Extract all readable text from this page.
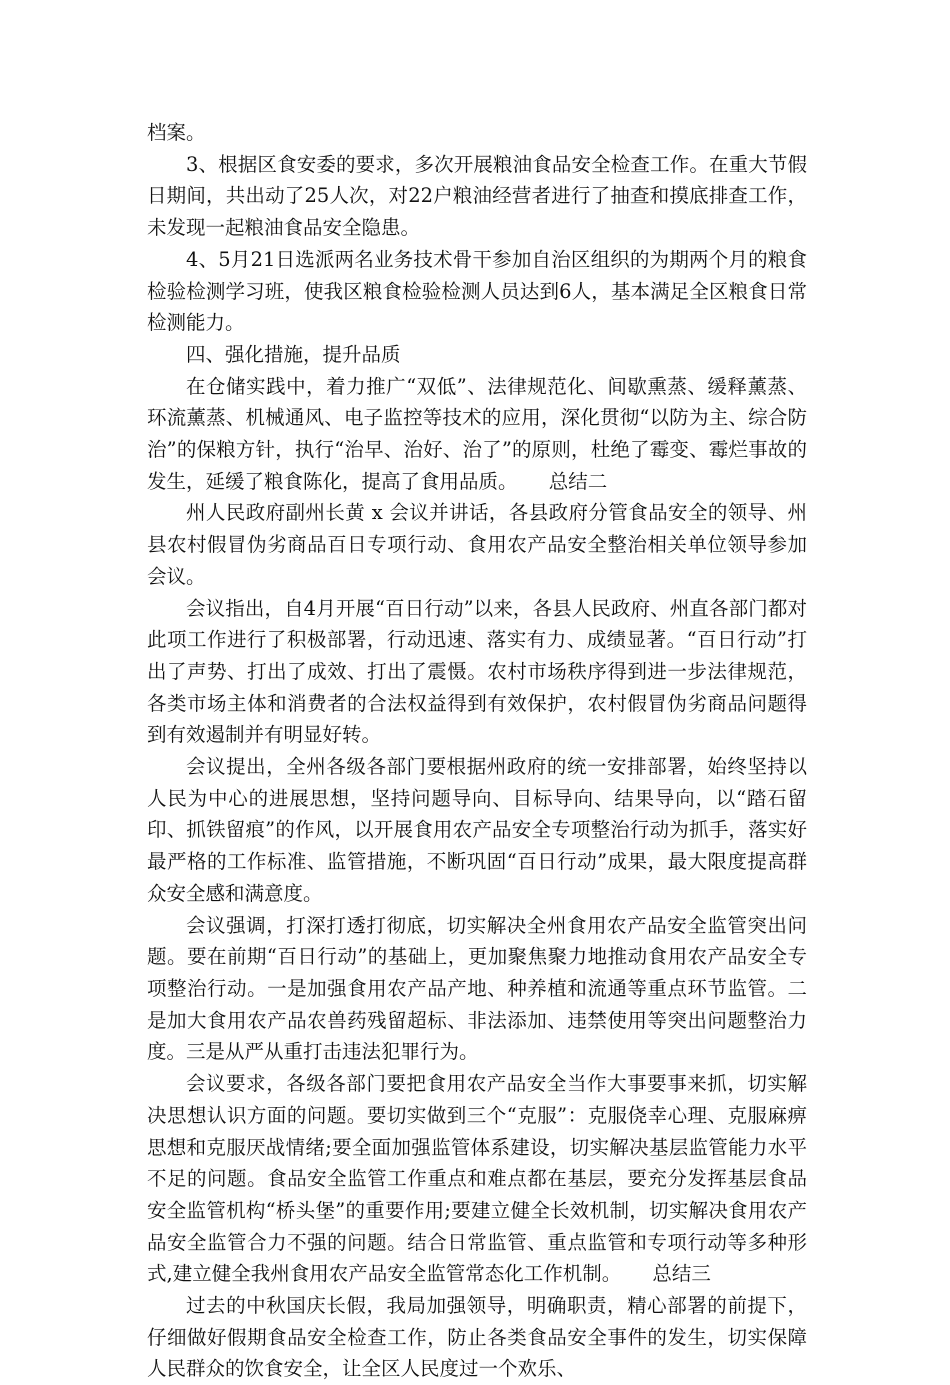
档案。

3、根据区食安委的要求，多次开展粮油食品安全检查工作。在重大节假日期间，共出动了25人次，对22户粮油经营者进行了抽查和摸底排查工作，未发现一起粮油食品安全隐患。

4、5月21日选派两名业务技术骨干参加自治区组织的为期两个月的粮食检验检测学习班，使我区粮食检验检测人员达到6人，基本满足全区粮食日常检测能力。

四、强化措施，提升品质

在仓储实践中，着力推广“双低”、法律规范化、间歇熏蒸、缓释薰蒸、环流薰蒸、机械通风、电子监控等技术的应用，深化贯彻“以防为主、综合防治”的保粮方针，执行“治早、治好、治了”的原则，杜绝了霉变、霉烂事故的发生，延缓了粮食陈化，提高了食用品质。 总结二

州人民政府副州长黄 x 会议并讲话，各县政府分管食品安全的领导、州县农村假冒伪劣商品百日专项行动、食用农产品安全整治相关单位领导参加会议。

会议指出，自4月开展“百日行动”以来，各县人民政府、州直各部门都对此项工作进行了积极部署，行动迅速、落实有力、成绩显著。“百日行动”打出了声势、打出了成效、打出了震慑。农村市场秩序得到进一步法律规范，各类市场主体和消费者的合法权益得到有效保护，农村假冒伪劣商品问题得到有效遏制并有明显好转。

会议提出，全州各级各部门要根据州政府的统一安排部署，始终坚持以人民为中心的进展思想，坚持问题导向、目标导向、结果导向，以“踏石留印、抓铁留痕”的作风，以开展食用农产品安全专项整治行动为抓手，落实好最严格的工作标准、监管措施，不断巩固“百日行动”成果，最大限度提高群众安全感和满意度。

会议强调，打深打透打彻底，切实解决全州食用农产品安全监管突出问题。要在前期“百日行动”的基础上，更加聚焦聚力地推动食用农产品安全专项整治行动。一是加强食用农产品产地、种养植和流通等重点环节监管。二是加大食用农产品农兽药残留超标、非法添加、违禁使用等突出问题整治力度。三是从严从重打击违法犯罪行为。

会议要求，各级各部门要把食用农产品安全当作大事要事来抓，切实解决思想认识方面的问题。要切实做到三个“克服”：克服侥幸心理、克服麻痹思想和克服厌战情绪;要全面加强监管体系建设，切实解决基层监管能力水平不足的问题。食品安全监管工作重点和难点都在基层，要充分发挥基层食品安全监管机构“桥头堡”的重要作用;要建立健全长效机制，切实解决食用农产品安全监管合力不强的问题。结合日常监管、重点监管和专项行动等多种形式,建立健全我州食用农产品安全监管常态化工作机制。 总结三

过去的中秋国庆长假，我局加强领导，明确职责，精心部署的前提下，仔细做好假期食品安全检查工作，防止各类食品安全事件的发生，切实保障人民群众的饮食安全，让全区人民度过一个欢乐、
